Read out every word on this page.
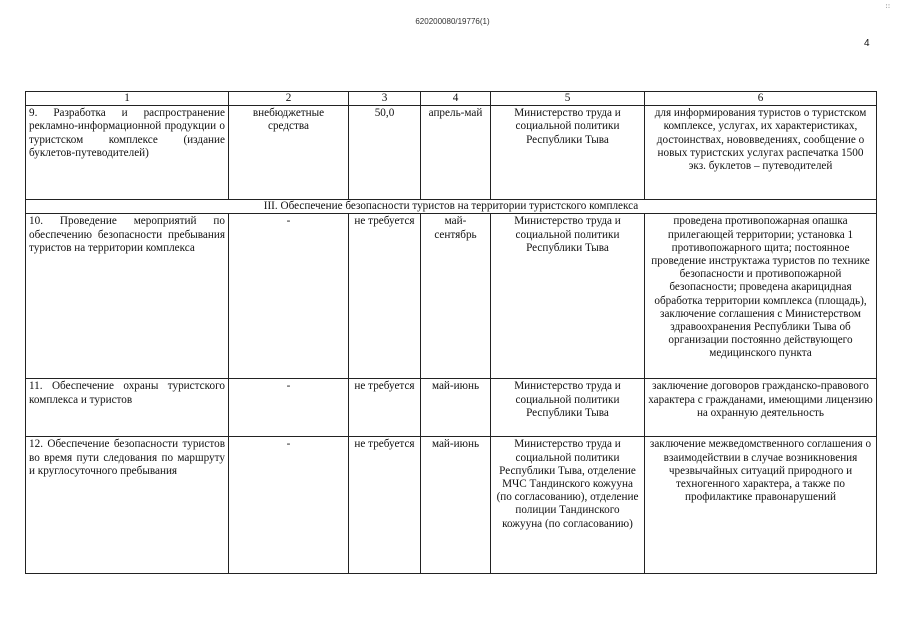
620200080/19776(1)
4
⁘
1	2	3	4	5	6
9. Разработка и распространение рекламно-информационной продукции о туристском комплексе (издание буклетов-путеводителей)	внебюджетные средства	50,0	апрель-май	Министерство труда и социальной политики Республики Тыва	для информирования туристов о туристском комплексе, услугах, их характеристиках, достоинствах, нововведениях, сообщение о новых туристских услугах распечатка 1500 экз. буклетов – путеводителей
III. Обеспечение безопасности туристов на территории туристского комплекса					
10. Проведение мероприятий по обеспечению безопасности пребывания туристов на территории комплекса	-	не требуется	май-сентябрь	Министерство труда и социальной политики Республики Тыва	проведена противопожарная опашка прилегающей территории; установка 1 противопожарного щита; постоянное проведение инструктажа туристов по технике безопасности и противопожарной безопасности; проведена акарицидная обработка территории комплекса (площадь), заключение соглашения с Министерством здравоохранения Республики Тыва об организации постоянно действующего медицинского пункта
11. Обеспечение охраны туристского комплекса и туристов	-	не требуется	май-июнь	Министерство труда и социальной политики Республики Тыва	заключение договоров гражданско-правового характера с гражданами, имеющими лицензию на охранную деятельность
12. Обеспечение безопасности туристов во время пути следования по маршруту и круглосуточного пребывания	-	не требуется	май-июнь	Министерство труда и социальной политики Республики Тыва, отделение МЧС Тандинского кожууна (по согласованию), отделение полиции Тандинского кожууна (по согласованию)	заключение межведомственного соглашения о взаимодействии в случае возникновения чрезвычайных ситуаций природного и техногенного характера, а также по профилактике правонарушений
